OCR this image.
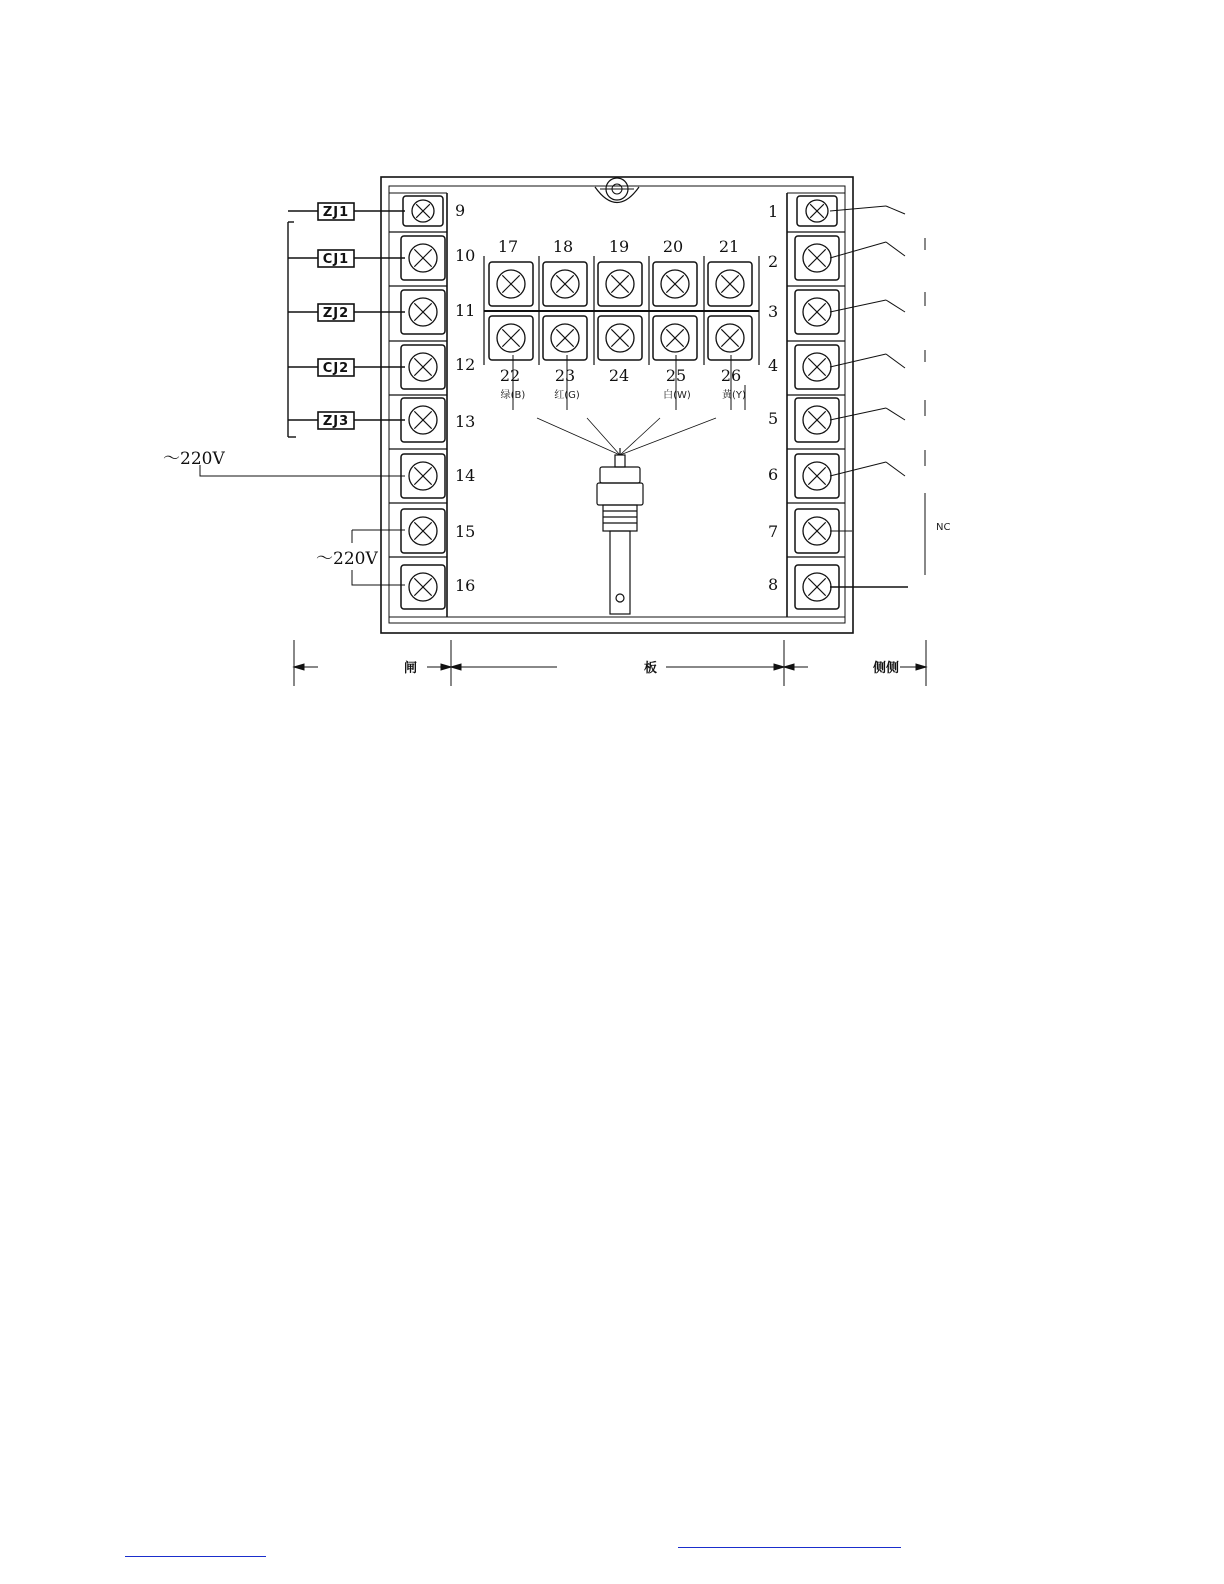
9
10
11
12
13
14
15
16
1
2
3
4
5
6
7
8
17 18 19 20 21
22 23 24 25 26
绿(B)	红(G)	白(W)	黄(Y)
ZJ1
CJ1
ZJ2
CJ2
ZJ3
～220V
～220V
NC
闸	板	侧侧
